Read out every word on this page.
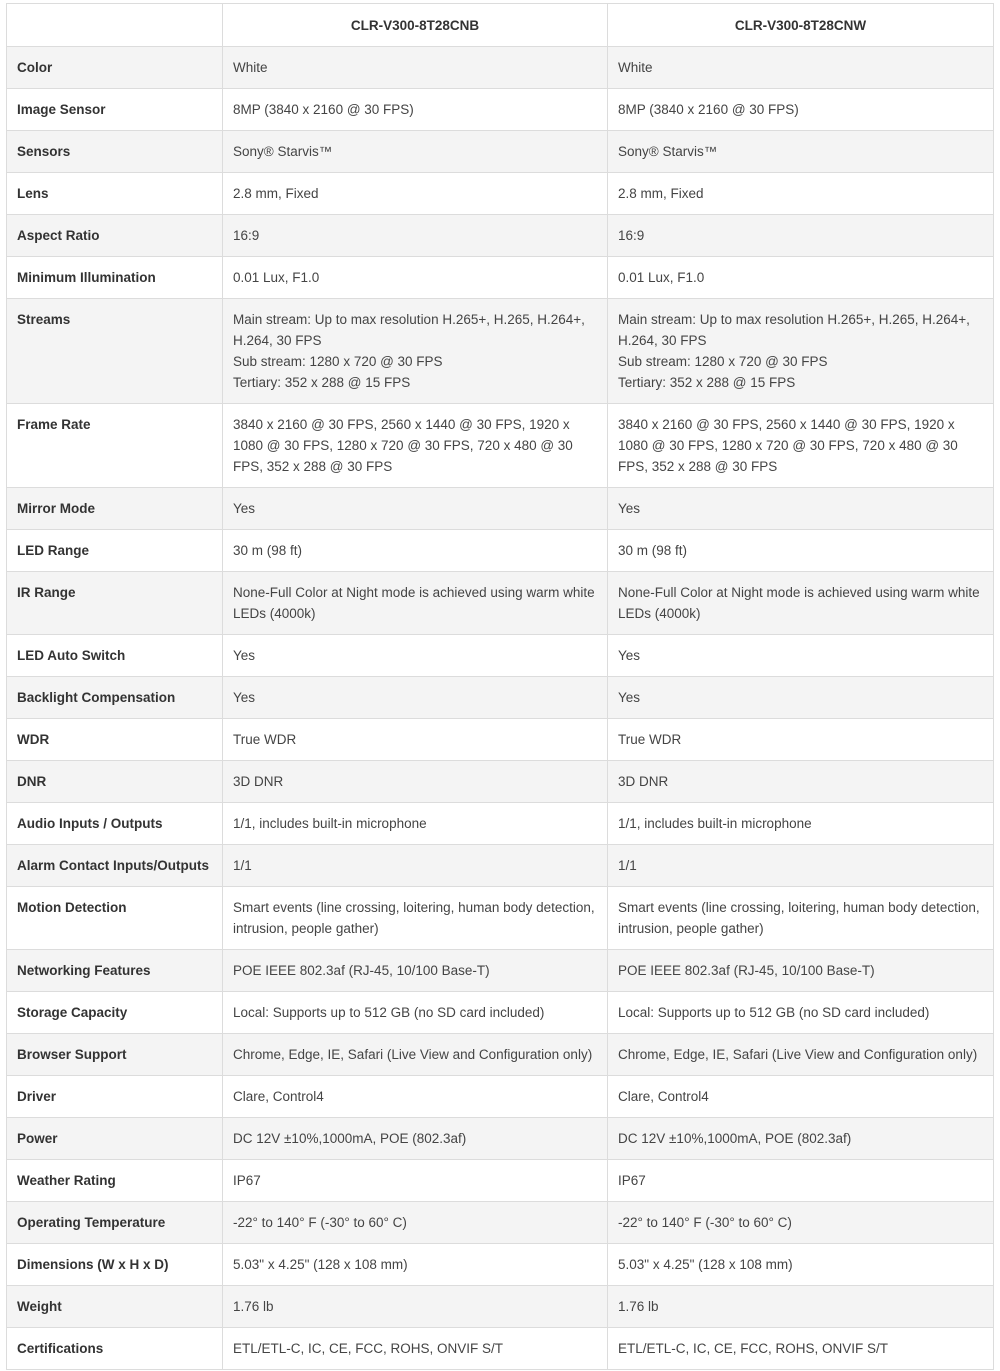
	CLR-V300-8T28CNB	CLR-V300-8T28CNW
Color	White	White

Image Sensor	8MP (3840 x 2160 @ 30 FPS)	8MP (3840 x 2160 @ 30 FPS)

Sensors	Sony® Starvis™	Sony® Starvis™

Lens	2.8 mm, Fixed	2.8 mm, Fixed

Aspect Ratio	16:9	16:9

Minimum Illumination	0.01 Lux, F1.0	0.01 Lux, F1.0

Streams	Main stream: Up to max resolution H.265+, H.265, H.264+, H.264, 30 FPS
Sub stream: 1280 x 720 @ 30 FPS
Tertiary: 352 x 288 @ 15 FPS	Main stream: Up to max resolution H.265+, H.265, H.264+, H.264, 30 FPS
Sub stream: 1280 x 720 @ 30 FPS
Tertiary: 352 x 288 @ 15 FPS

Frame Rate	3840 x 2160 @ 30 FPS, 2560 x 1440 @ 30 FPS, 1920 x 1080 @ 30 FPS, 1280 x 720 @ 30 FPS, 720 x 480 @ 30 FPS, 352 x 288 @ 30 FPS	3840 x 2160 @ 30 FPS, 2560 x 1440 @ 30 FPS, 1920 x 1080 @ 30 FPS, 1280 x 720 @ 30 FPS, 720 x 480 @ 30 FPS, 352 x 288 @ 30 FPS

Mirror Mode	Yes	Yes

LED Range	30 m (98 ft)	30 m (98 ft)

IR Range	None-Full Color at Night mode is achieved using warm white LEDs (4000k)	None-Full Color at Night mode is achieved using warm white LEDs (4000k)

LED Auto Switch	Yes	Yes

Backlight Compensation	Yes	Yes

WDR	True WDR	True WDR

DNR	3D DNR	3D DNR

Audio Inputs / Outputs	1/1, includes built-in microphone	1/1, includes built-in microphone

Alarm Contact Inputs/Outputs	1/1	1/1

Motion Detection	Smart events (line crossing, loitering, human body detection, intrusion, people gather)	Smart events (line crossing, loitering, human body detection, intrusion, people gather)

Networking Features	POE IEEE 802.3af (RJ-45, 10/100 Base-T)	POE IEEE 802.3af (RJ-45, 10/100 Base-T)

Storage Capacity	Local: Supports up to 512 GB (no SD card included)	Local: Supports up to 512 GB (no SD card included)

Browser Support	Chrome, Edge, IE, Safari (Live View and Configuration only)	Chrome, Edge, IE, Safari (Live View and Configuration only)

Driver	Clare, Control4	Clare, Control4

Power	DC 12V ±10%,1000mA, POE (802.3af)	DC 12V ±10%,1000mA, POE (802.3af)

Weather Rating	IP67	IP67

Operating Temperature	-22° to 140° F (-30° to 60° C)	-22° to 140° F (-30° to 60° C)

Dimensions (W x H x D)	5.03" x 4.25" (128 x 108 mm)	5.03" x 4.25" (128 x 108 mm)

Weight	1.76 lb	1.76 lb

Certifications	ETL/ETL-C, IC, CE, FCC, ROHS, ONVIF S/T	ETL/ETL-C, IC, CE, FCC, ROHS, ONVIF S/T
